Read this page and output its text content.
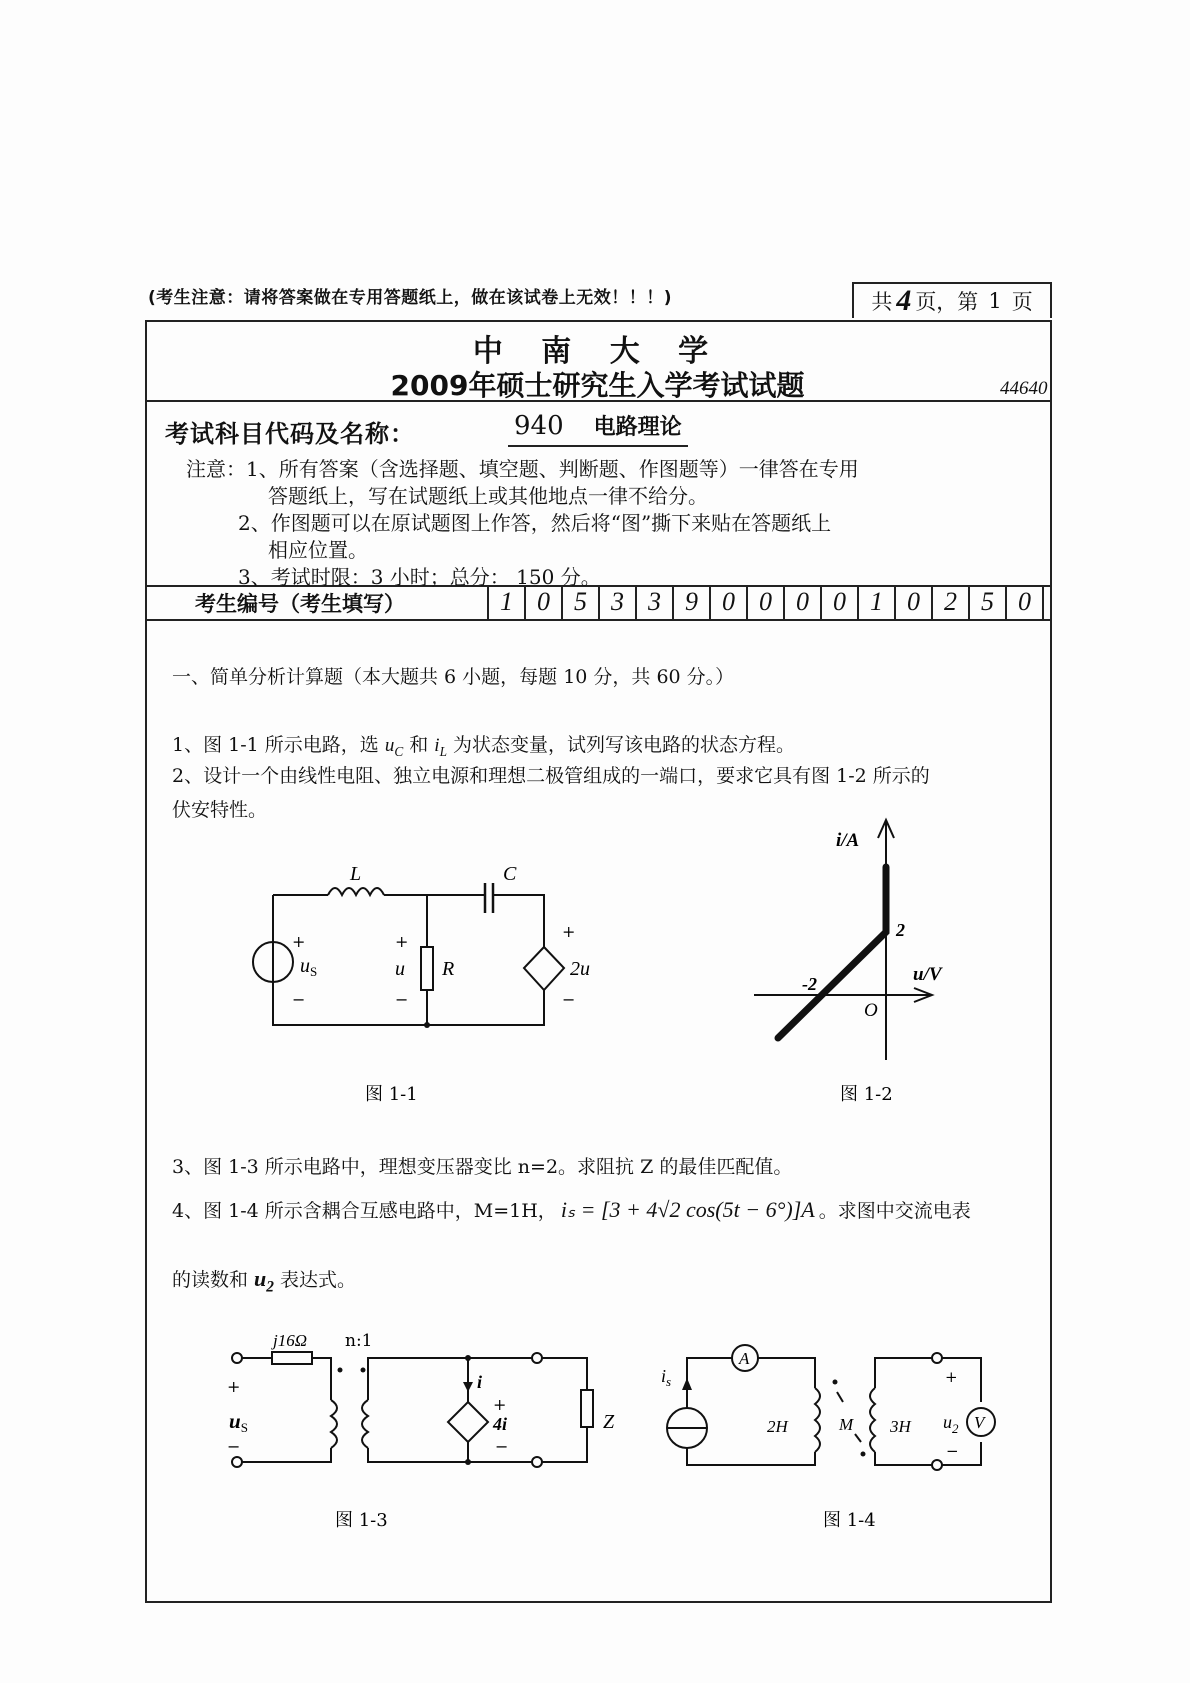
(考生注意：请将答案做在专用答题纸上，做在该试卷上无效！！！)	共 4 页，第 1 页
中 南 大 学
2009年硕士研究生入学考试试题	44640
考试科目代码及名称：	940 电路理论
注意：1、所有答案（含选择题、填空题、判断题、作图题等）一律答在专用
答题纸上，写在试题纸上或其他地点一律不给分。
2、作图题可以在原试题图上作答，然后将“图”撕下来贴在答题纸上
相应位置。
3、考试时限：3 小时；总分： 150 分。
考生编号（考生填写）	1 0 5 3 3 9 0 0 0 0 1 0 2 5 0
一、简单分析计算题（本大题共 6 小题，每题 10 分，共 60 分。）
1、图 1-1 所示电路，选 $u_C$ 和 $i_L$ 为状态变量，试列写该电路的状态方程。
2、设计一个由线性电阻、独立电源和理想二极管组成的一端口，要求它具有图 1-2 所示的
伏安特性。
L	C
+
$u_S$
−
+
u
−
R
+
2u
−
图 1-1
i/A
u/V
O
2
-2
图 1-2
3、图 1-3 所示电路中，理想变压器变比 n=2。求阻抗 Z 的最佳匹配值。
4、图 1-4 所示含耦合互感电路中，M=1H， iₛ = [3 + 4√2 cos(5t − 6°)]A 。求图中交流电表
的读数和 $u_2$ 表达式。
j16Ω n:1
+
uS
−
i
+
4i
−
Z
图 1-3
$i_s$
A
2H	M 3H
+
$u_2$
−
V
图 1-4
